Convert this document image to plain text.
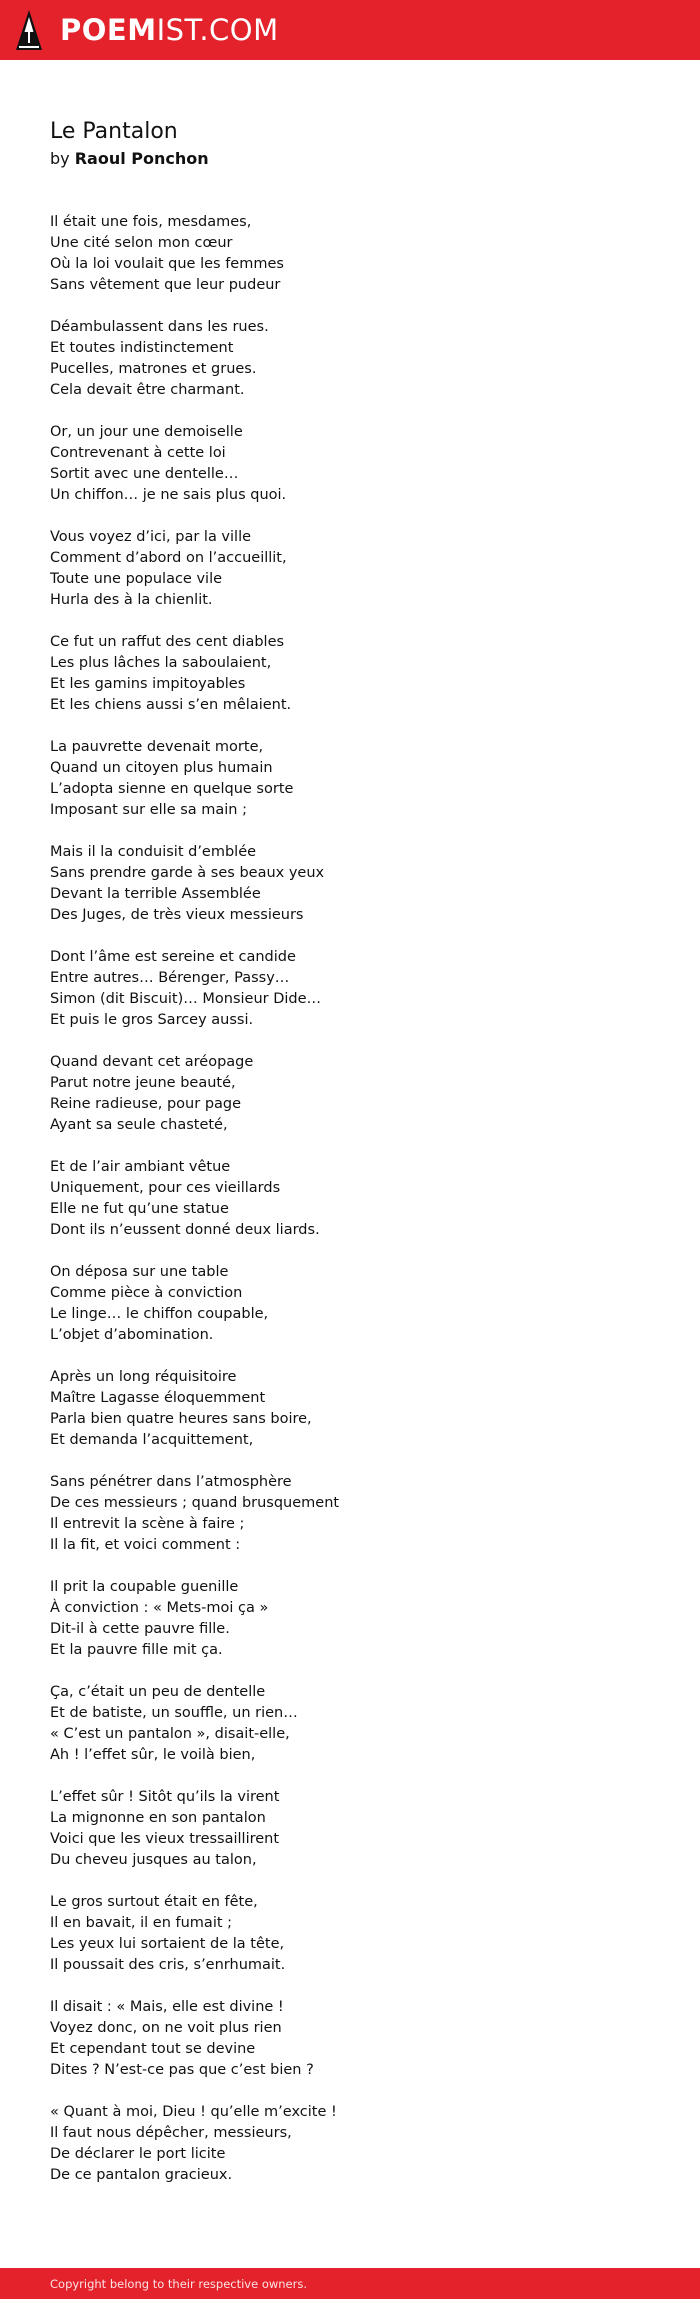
POEMIST.COM
Le Pantalon
by Raoul Ponchon
Il était une fois, mesdames,
Une cité selon mon cœur
Où la loi voulait que les femmes
Sans vêtement que leur pudeur
Déambulassent dans les rues.
Et toutes indistinctement
Pucelles, matrones et grues.
Cela devait être charmant.
Or, un jour une demoiselle
Contrevenant à cette loi
Sortit avec une dentelle…
Un chiffon… je ne sais plus quoi.
Vous voyez d’ici, par la ville
Comment d’abord on l’accueillit,
Toute une populace vile
Hurla des à la chienlit.
Ce fut un raffut des cent diables
Les plus lâches la saboulaient,
Et les gamins impitoyables
Et les chiens aussi s’en mêlaient.
La pauvrette devenait morte,
Quand un citoyen plus humain
L’adopta sienne en quelque sorte
Imposant sur elle sa main ;
Mais il la conduisit d’emblée
Sans prendre garde à ses beaux yeux
Devant la terrible Assemblée
Des Juges, de très vieux messieurs
Dont l’âme est sereine et candide
Entre autres… Bérenger, Passy…
Simon (dit Biscuit)… Monsieur Dide…
Et puis le gros Sarcey aussi.
Quand devant cet aréopage
Parut notre jeune beauté,
Reine radieuse, pour page
Ayant sa seule chasteté,
Et de l’air ambiant vêtue
Uniquement, pour ces vieillards
Elle ne fut qu’une statue
Dont ils n’eussent donné deux liards.
On déposa sur une table
Comme pièce à conviction
Le linge… le chiffon coupable,
L’objet d’abomination.
Après un long réquisitoire
Maître Lagasse éloquemment
Parla bien quatre heures sans boire,
Et demanda l’acquittement,
Sans pénétrer dans l’atmosphère
De ces messieurs ; quand brusquement
Il entrevit la scène à faire ;
Il la fit, et voici comment :
Il prit la coupable guenille
À conviction : « Mets-moi ça »
Dit-il à cette pauvre fille.
Et la pauvre fille mit ça.
Ça, c’était un peu de dentelle
Et de batiste, un souffle, un rien…
« C’est un pantalon », disait-elle,
Ah ! l’effet sûr, le voilà bien,
L’effet sûr ! Sitôt qu’ils la virent
La mignonne en son pantalon
Voici que les vieux tressaillirent
Du cheveu jusques au talon,
Le gros surtout était en fête,
Il en bavait, il en fumait ;
Les yeux lui sortaient de la tête,
Il poussait des cris, s’enrhumait.
Il disait : « Mais, elle est divine !
Voyez donc, on ne voit plus rien
Et cependant tout se devine
Dites ? N’est-ce pas que c’est bien ?
« Quant à moi, Dieu ! qu’elle m’excite !
Il faut nous dépêcher, messieurs,
De déclarer le port licite
De ce pantalon gracieux.
Copyright belong to their respective owners.
